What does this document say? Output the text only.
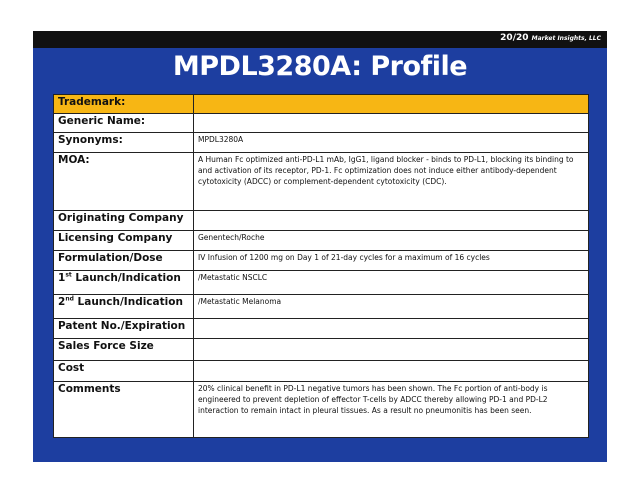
20/20 Market Insights, LLC
MPDL3280A: Profile
Trademark:	
Generic Name:	
Synonyms:	MPDL3280A
MOA:	A Human Fc optimized anti-PD-L1 mAb, IgG1, ligand blocker - binds to PD-L1, blocking its binding to and activation of its receptor, PD-1. Fc optimization does not induce either antibody-dependent cytotoxicity (ADCC) or complement-dependent cytotoxicity (CDC).
Originating Company	
Licensing Company	Genentech/Roche
Formulation/Dose	IV Infusion of 1200 mg on Day 1 of 21-day cycles for a maximum of 16 cycles
1st Launch/Indication	/Metastatic NSCLC
2nd Launch/Indication	/Metastatic Melanoma
Patent No./Expiration	
Sales Force Size	
Cost	
Comments	20% clinical benefit in PD-L1 negative tumors has been shown. The Fc portion of anti-body is engineered to prevent depletion of effector T-cells by ADCC thereby allowing PD-1 and PD-L2 interaction to remain intact in pleural tissues. As a result no pneumonitis has been seen.
